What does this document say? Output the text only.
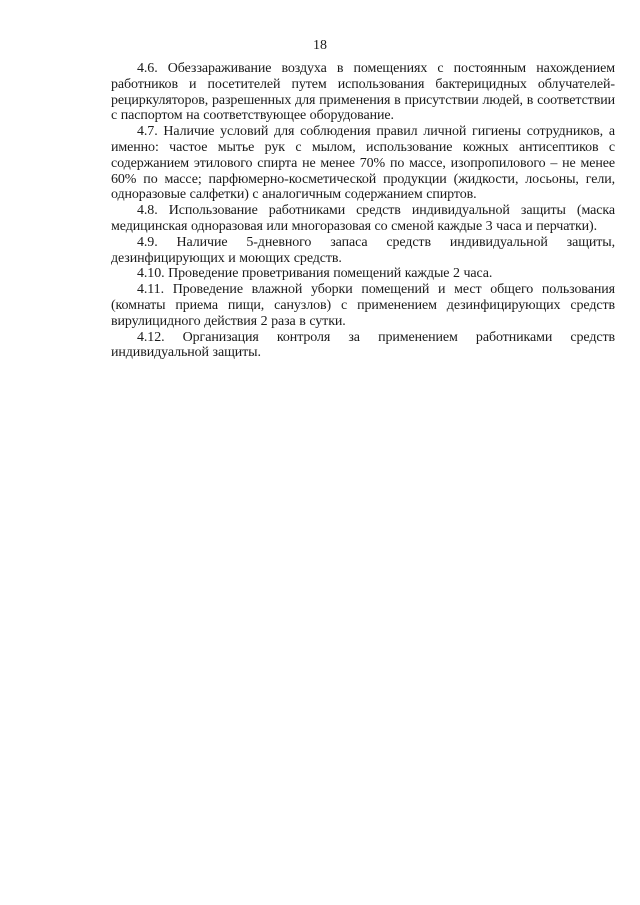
18

4.6. Обеззараживание воздуха в помещениях с постоянным нахождением работников и посетителей путем использования бактерицидных облучателей-рециркуляторов, разрешенных для применения в присутствии людей, в соответствии с паспортом на соответствующее оборудование.

4.7. Наличие условий для соблюдения правил личной гигиены сотрудников, а именно: частое мытье рук с мылом, использование кожных антисептиков с содержанием этилового спирта не менее 70% по массе, изопропилового – не менее 60% по массе; парфюмерно-косметической продукции (жидкости, лосьоны, гели, одноразовые салфетки) с аналогичным содержанием спиртов.

4.8. Использование работниками средств индивидуальной защиты (маска медицинская одноразовая или многоразовая со сменой каждые 3 часа и перчатки).

4.9. Наличие 5-дневного запаса средств индивидуальной защиты, дезинфицирующих и моющих средств.

4.10. Проведение проветривания помещений каждые 2 часа.

4.11. Проведение влажной уборки помещений и мест общего пользования (комнаты приема пищи, санузлов) с применением дезинфицирующих средств вирулицидного действия 2 раза в сутки.

4.12. Организация контроля за применением работниками средств индивидуальной защиты.
